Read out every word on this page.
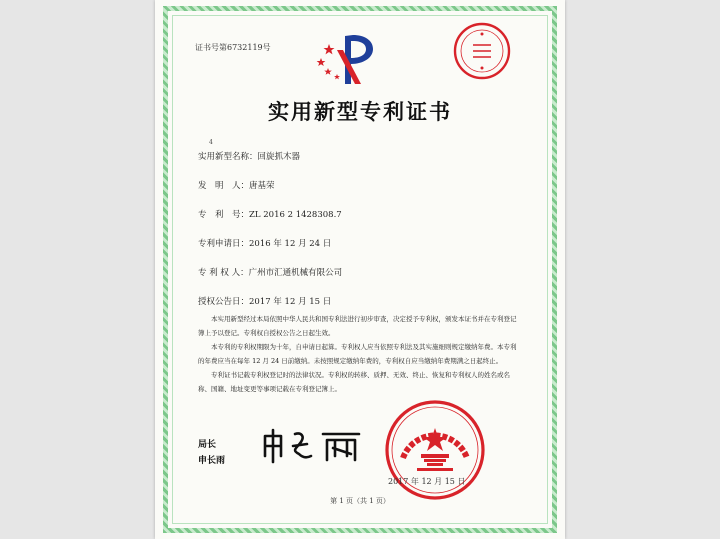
证书号第6732119号
实用新型专利证书
4
实用新型名称：回旋抓木器
发　明　人：唐基荣
专　利　号：ZL 2016 2 1428308.7
专利申请日：2016 年 12 月 24 日
专 利 权 人：广州市汇通机械有限公司
授权公告日：2017 年 12 月 15 日

本实用新型经过本局依照中华人民共和国专利法进行初步审查，决定授予专利权，颁发本证书并在专利登记簿上予以登记。专利权自授权公告之日起生效。

本专利的专利权期限为十年，自申请日起算。专利权人应当依照专利法及其实施细则规定缴纳年费。本专利的年费应当在每年 12 月 24 日前缴纳。未按照规定缴纳年费的，专利权自应当缴纳年费期满之日起终止。

专利证书记载专利权登记时的法律状况。专利权的转移、质押、无效、终止、恢复和专利权人的姓名或名称、国籍、地址变更等事项记载在专利登记簿上。

局长
申长雨
2017 年 12 月 15 日
第 1 页（共 1 页）
